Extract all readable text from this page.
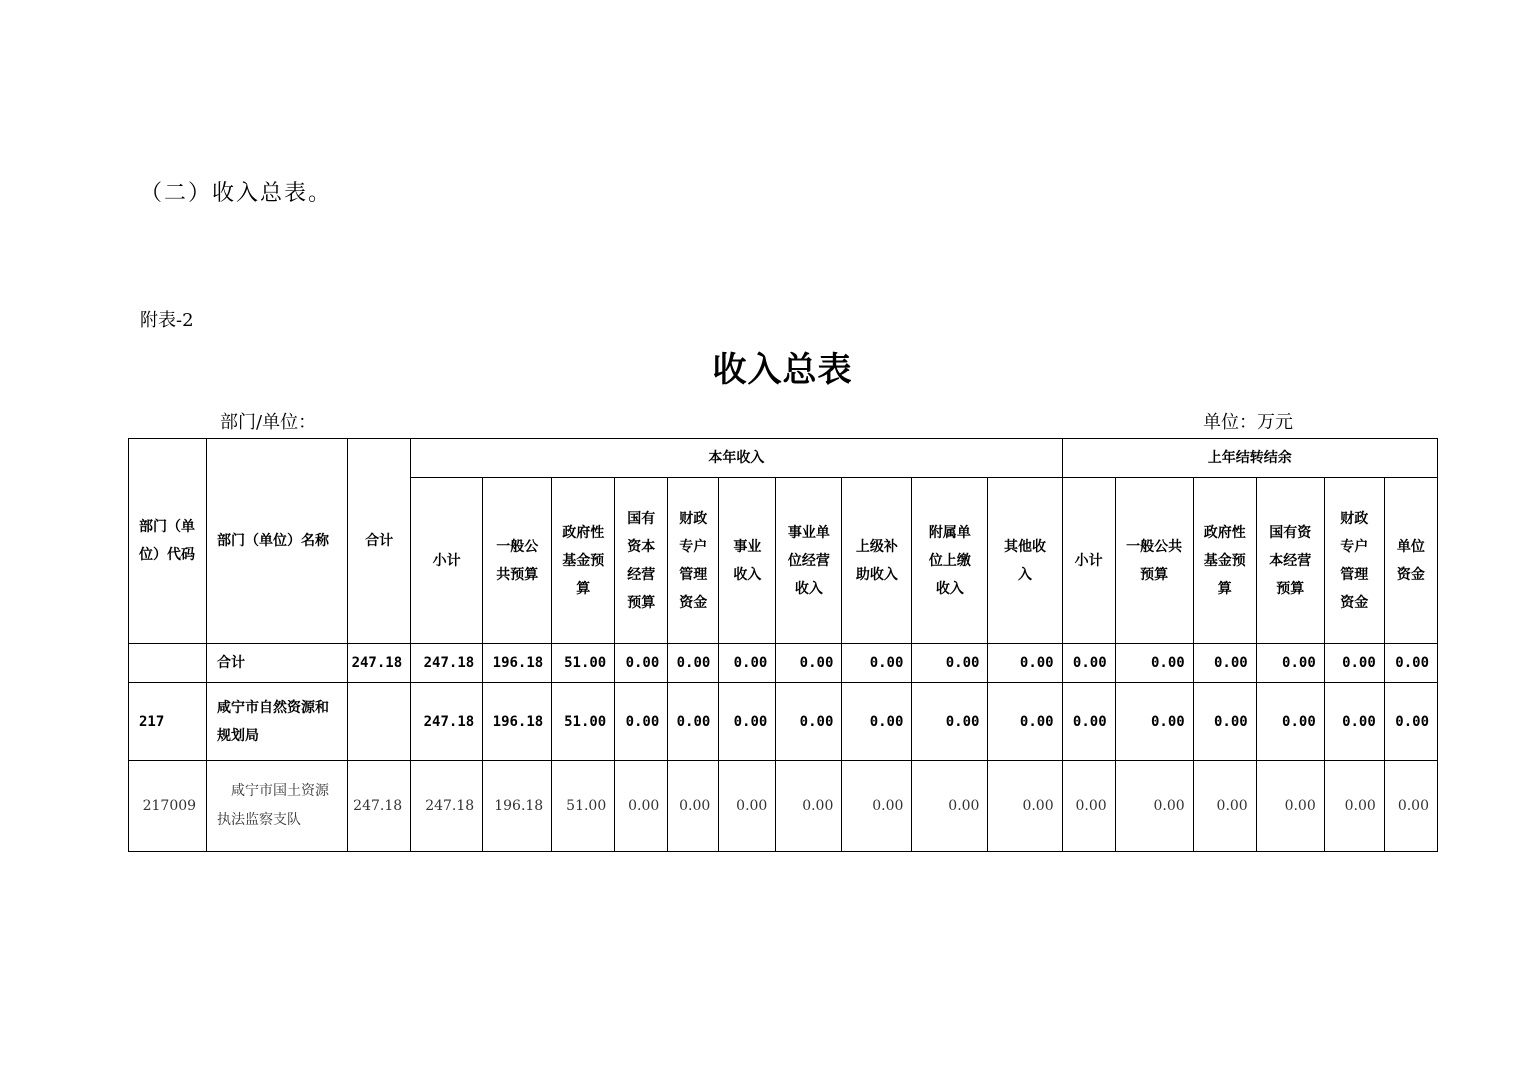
（二）收入总表。
附表-2
收入总表
部门/单位：	单位：万元
部门（单
位）代码	部门（单位）名称	合计	本年收入										上年结转结余					

			小计	一般公
共预算	政府性
基金预
算	国有
资本
经营
预算	财政
专户
管理
资金	事业
收入	事业单
位经营
收入	上级补
助收入	附属单
位上缴
收入	其他收
入	小计	一般公共
预算	政府性
基金预
算	国有资
本经营
预算	财政
专户
管理
资金	单位
资金

	合计	247.18	247.18	196.18	51.00	0.00	0.00	0.00	0.00	0.00	0.00	0.00	0.00	0.00	0.00	0.00	0.00	0.00
217	咸宁市自然资源和规划局		247.18	196.18	51.00	0.00	0.00	0.00	0.00	0.00	0.00	0.00	0.00	0.00	0.00	0.00	0.00	0.00
217009	咸宁市国土资源执法监察支队	247.18	247.18	196.18	51.00	0.00	0.00	0.00	0.00	0.00	0.00	0.00	0.00	0.00	0.00	0.00	0.00	0.00
